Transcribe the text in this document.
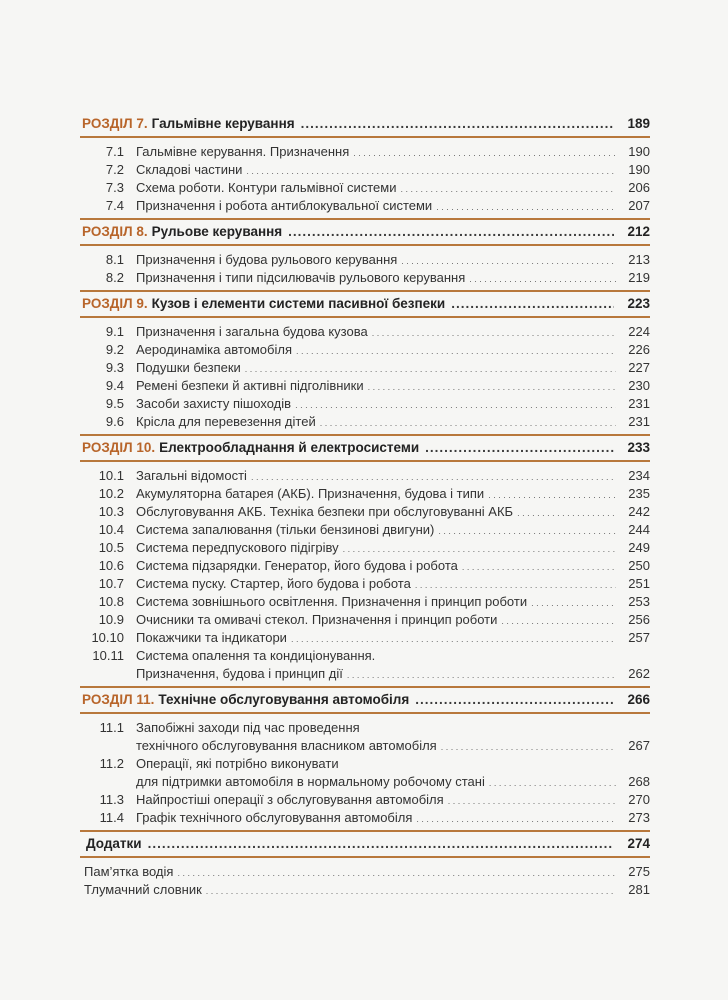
РОЗДІЛ 7. Гальмівне керування .....	189
7.1 Гальмівне керування. Призначення . . .	190
7.2 Складові частини . . .	190
7.3 Схема роботи. Контури гальмівної системи . . .	206
7.4 Призначення і робота антиблокувальної системи . . .	207
РОЗДІЛ 8. Рульове керування .....	212
8.1 Призначення і будова рульового керування . . .	213
8.2 Призначення і типи підсилювачів рульового керування . . .	219
РОЗДІЛ 9. Кузов і елементи системи пасивної безпеки .....	223
9.1 Призначення і загальна будова кузова . . .	224
9.2 Аеродинаміка автомобіля . . .	226
9.3 Подушки безпеки . . .	227
9.4 Ремені безпеки й активні підголівники . . .	230
9.5 Засоби захисту пішоходів . . .	231
9.6 Крісла для перевезення дітей . . .	231
РОЗДІЛ 10. Електрообладнання й електросистеми .....	233
10.1 Загальні відомості . . .	234
10.2 Акумуляторна батарея (АКБ). Призначення, будова і типи . . .	235
10.3 Обслуговування АКБ. Техніка безпеки при обслуговуванні АКБ . . .	242
10.4 Система запалювання (тільки бензинові двигуни) . . .	244
10.5 Система передпускового підігріву . . .	249
10.6 Система підзарядки. Генератор, його будова і робота . . .	250
10.7 Система пуску. Стартер, його будова і робота . . .	251
10.8 Система зовнішнього освітлення. Призначення і принцип роботи . . .	253
10.9 Очисники та омивачі стекол. Призначення і принцип роботи . . .	256
10.10 Покажчики та індикатори . . .	257
10.11 Система опалення та кондиціонування.
Призначення, будова і принцип дії . . .	262
РОЗДІЛ 11. Технічне обслуговування автомобіля .....	266
11.1 Запобіжні заходи під час проведення
технічного обслуговування власником автомобіля . . .	267
11.2 Операції, які потрібно виконувати
для підтримки автомобіля в нормальному робочому стані . . .	268
11.3 Найпростіші операції з обслуговування автомобіля . . .	270
11.4 Графік технічного обслуговування автомобіля . . .	273
Додатки .....	274
Пам’ятка водія . . .	275
Тлумачний словник . . .	281
